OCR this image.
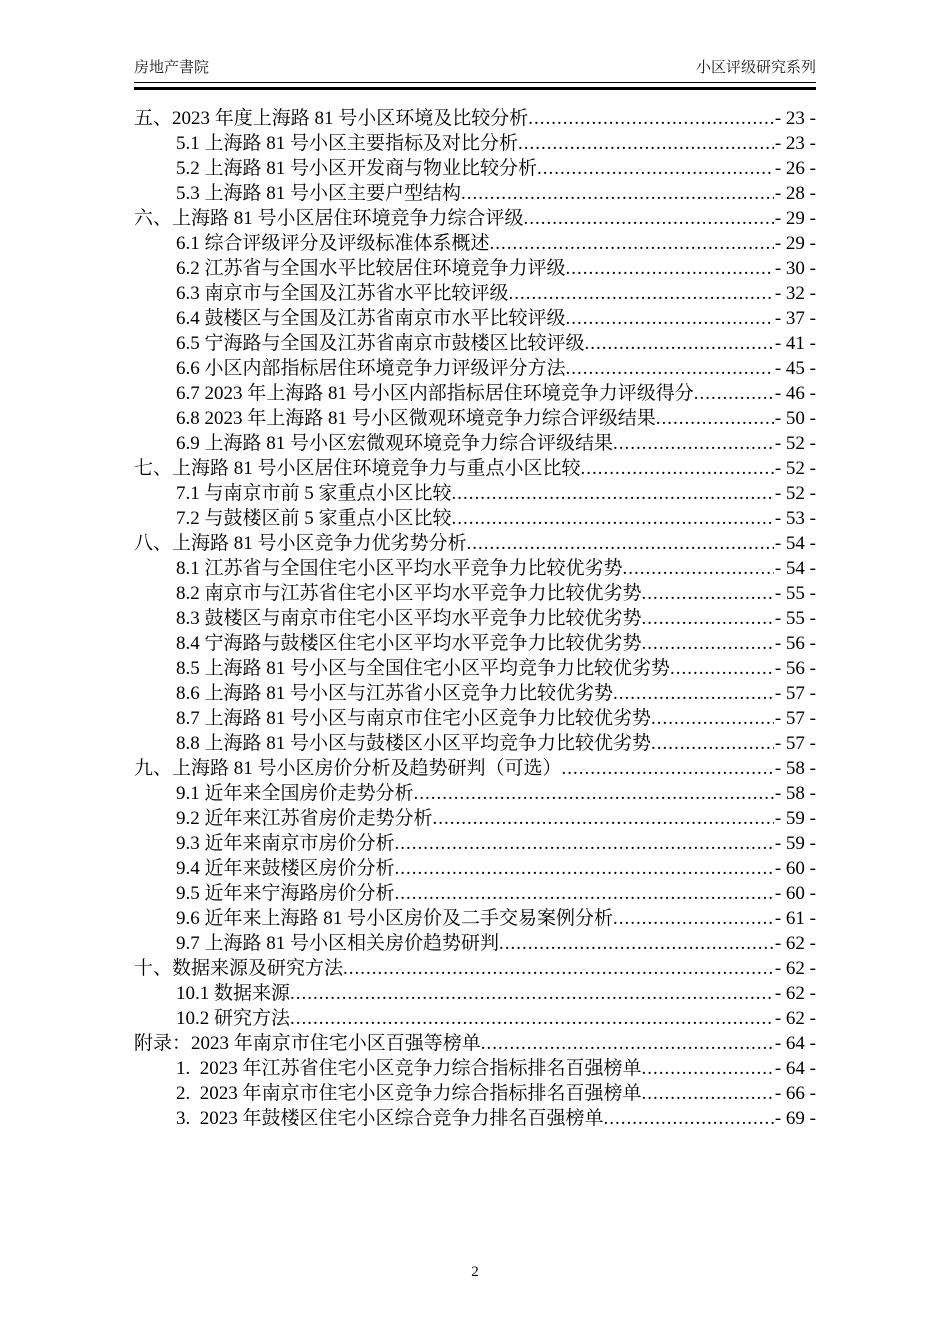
房地产書院	小区评级研究系列
五、2023 年度上海路 81 号小区环境及比较分析 .....	- 23 -
5.1 上海路 81 号小区主要指标及对比分析 .....	- 23 -
5.2 上海路 81 号小区开发商与物业比较分析 .....	- 26 -
5.3 上海路 81 号小区主要户型结构 .....	- 28 -
六、上海路 81 号小区居住环境竞争力综合评级 .....	- 29 -
6.1 综合评级评分及评级标准体系概述 .....	- 29 -
6.2 江苏省与全国水平比较居住环境竞争力评级 .....	- 30 -
6.3 南京市与全国及江苏省水平比较评级 .....	- 32 -
6.4 鼓楼区与全国及江苏省南京市水平比较评级 .....	- 37 -
6.5 宁海路与全国及江苏省南京市鼓楼区比较评级 .....	- 41 -
6.6 小区内部指标居住环境竞争力评级评分方法 .....	- 45 -
6.7 2023 年上海路 81 号小区内部指标居住环境竞争力评级得分 .....	- 46 -
6.8 2023 年上海路 81 号小区微观环境竞争力综合评级结果 .....	- 50 -
6.9 上海路 81 号小区宏微观环境竞争力综合评级结果 .....	- 52 -
七、上海路 81 号小区居住环境竞争力与重点小区比较 .....	- 52 -
7.1 与南京市前 5 家重点小区比较 .....	- 52 -
7.2 与鼓楼区前 5 家重点小区比较 .....	- 53 -
八、上海路 81 号小区竞争力优劣势分析 .....	- 54 -
8.1 江苏省与全国住宅小区平均水平竞争力比较优劣势 .....	- 54 -
8.2 南京市与江苏省住宅小区平均水平竞争力比较优劣势 .....	- 55 -
8.3 鼓楼区与南京市住宅小区平均水平竞争力比较优劣势 .....	- 55 -
8.4 宁海路与鼓楼区住宅小区平均水平竞争力比较优劣势 .....	- 56 -
8.5 上海路 81 号小区与全国住宅小区平均竞争力比较优劣势 .....	- 56 -
8.6 上海路 81 号小区与江苏省小区竞争力比较优劣势 .....	- 57 -
8.7 上海路 81 号小区与南京市住宅小区竞争力比较优劣势 .....	- 57 -
8.8 上海路 81 号小区与鼓楼区小区平均竞争力比较优劣势 .....	- 57 -
九、上海路 81 号小区房价分析及趋势研判（可选） .....	- 58 -
9.1 近年来全国房价走势分析 .....	- 58 -
9.2 近年来江苏省房价走势分析 .....	- 59 -
9.3 近年来南京市房价分析 .....	- 59 -
9.4 近年来鼓楼区房价分析 .....	- 60 -
9.5 近年来宁海路房价分析 .....	- 60 -
9.6 近年来上海路 81 号小区房价及二手交易案例分析 .....	- 61 -
9.7 上海路 81 号小区相关房价趋势研判 .....	- 62 -
十、数据来源及研究方法 .....	- 62 -
10.1 数据来源 .....	- 62 -
10.2 研究方法 .....	- 62 -
附录：2023 年南京市住宅小区百强等榜单 .....	- 64 -
1.  2023 年江苏省住宅小区竞争力综合指标排名百强榜单 .....	- 64 -
2.  2023 年南京市住宅小区竞争力综合指标排名百强榜单 .....	- 66 -
3.  2023 年鼓楼区住宅小区综合竞争力排名百强榜单 .....	- 69 -
2
